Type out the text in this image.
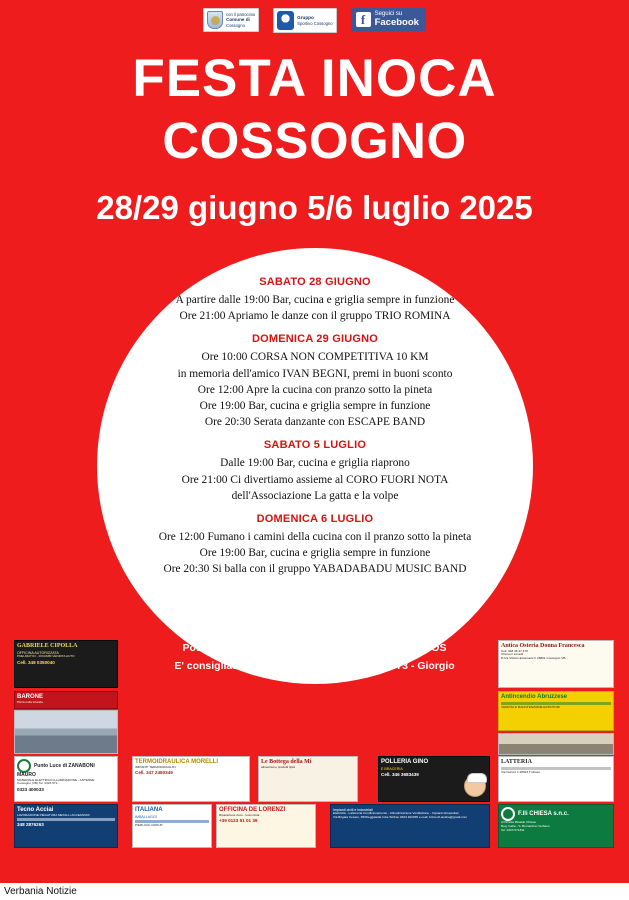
con il patrocinio
Comune di
Cossogno
Gruppo
Sportivo Cossogno	f	Seguici su
Facebook
FESTA INOCA
COSSOGNO
28/29 giugno 5/6 luglio 2025
SABATO 28 GIUGNO
A partire dalle 19:00 Bar, cucina e griglia sempre in funzione
Ore 21:00 Apriamo le danze con il gruppo TRIO ROMINA
DOMENICA 29 GIUGNO
Ore 10:00 CORSA NON COMPETITIVA 10 KM
in memoria dell'amico IVAN BEGNI, premi in buoni sconto
Ore 12:00 Apre la cucina con pranzo sotto la pineta
Ore 19:00 Bar, cucina e griglia sempre in funzione
Ore 20:30 Serata danzante con ESCAPE BAND
SABATO 5 LUGLIO
Dalle 19:00 Bar, cucina e griglia riaprono
Ore 21:00 Ci divertiamo assieme al CORO FUORI NOTA
dell'Associazione La gatta e la volpe
DOMENICA 6 LUGLIO
Ore 12:00 Fumano i camini della cucina con il pranzo sotto la pineta
Ore 19:00 Bar, cucina e griglia sempre in funzione
Ore 20:30 Si balla con il gruppo YABADABADU MUSIC BAND
Possibilità di effettuare l'asporto e pagare con il POS
E' consigliata la prenotazione al n° 335 475 873 - Giorgio
GABRIELE CIPOLLA
OFFICINA AUTORIZZATA
PNEUMATICI - RICAMBI VENDITA AUTO
Cell. 348 0350040
BARONE
Pizza sulla Grande
Punto Luce di ZANABONI MAURO
MATERIALE ELETTRICO ILLUMINAZIONE - ANTENNE
Cossogno (VB) Tel. 0323 571...
0323 400033
Tecno Acciai
LAVORAZIONE PIEGATURA METALLI ACCESSORI
348 2876263
TERMOIDRAULICA MORELLI
IMPIANTI TERMOIDRAULICI
Cell. 347 2480349
ITALIANA
IMBALLAGGI
PIERLUIGI GROUP
Le Bottega della Mi
alimentari e prodotti tipici
OFFICINA DE LORENZI
Riparazione Auto - Gommista
+39 0123 51 01 39
POLLERIA GINO
E BRACERIA
Cell. 346 3683439
Impianti civili e industriali
Elettricità - Lattoneria Condizionamento - Climatizzazione Ventilazione - Impianti idrosanitari
Via Brigata Cesare, 35/Oleggiatella Intra Tel/Fax 0323 402035 e-mail: brizio.df.audica@gmail.com
Antica Osteria Donna Francesca
Cell. 348 36 47 470
Chiuso il Lunedì
P.zza Vittorio Emanuele II 28801 Cossogno VB
Antincendio Abruzzese
VENDITA E MANUTENZIONE ESTINTORI
LATTERIA
Via Cuboni 1 28923 Trobaso
F.lli CHIESA s.n.c.
di Chiesa Rinaldo Chiesa
Reg. Isella - S. Bernardino Verbano
Tel. 0323 571811
Verbania Notizie
